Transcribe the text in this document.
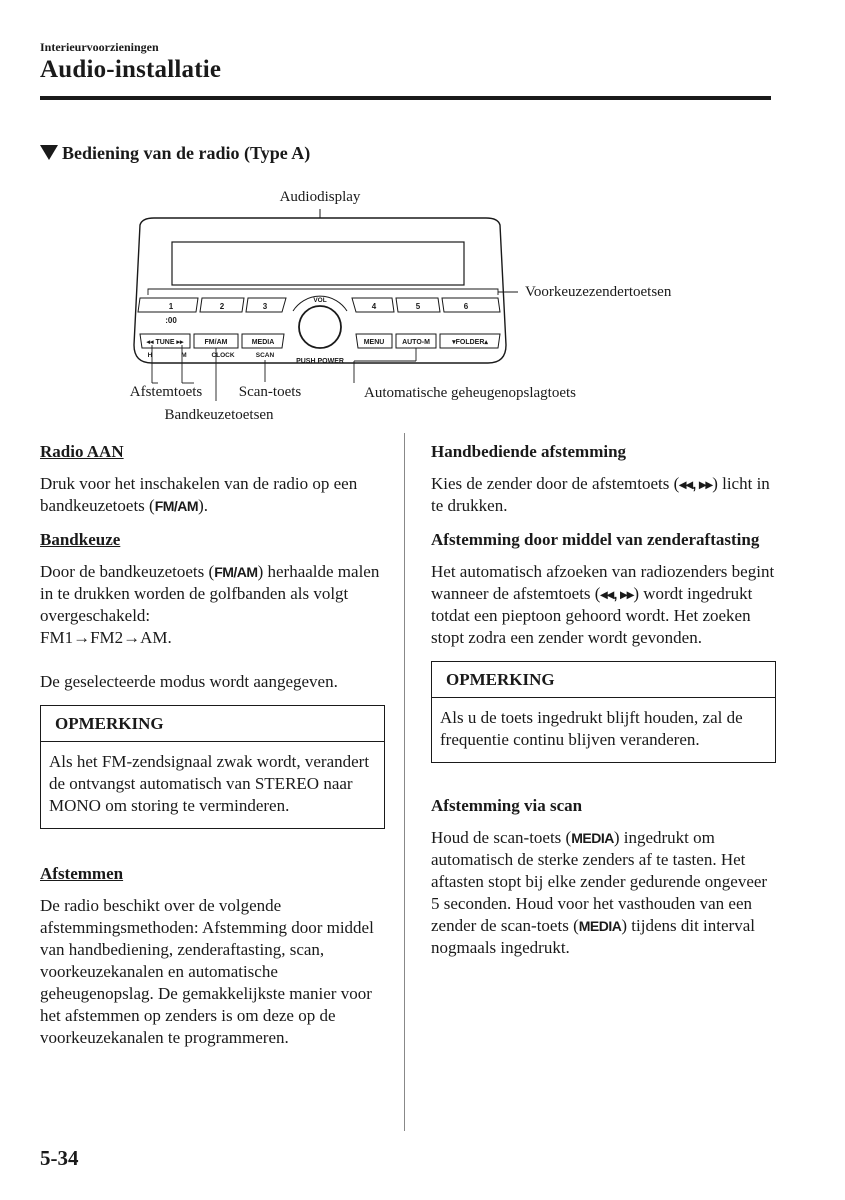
Interieurvoorzieningen
Audio-installatie
Bediening van de radio (Type A)
Audiodisplay
Voorkeuzezendertoetsen
1	2	3
:00
4	5	6
VOL
PUSH POWER
◂◂ TUNE ▸▸	FM/AM	MEDIA
H	M	CLOCK	SCAN
MENU	AUTO-M	▾FOLDER▴
Afstemtoets Scan-toets	Automatische geheugenopslagtoets
Bandkeuzetoetsen
Radio AAN

Druk voor het inschakelen van de radio op een bandkeuzetoets (FM/AM).

Bandkeuze

Door de bandkeuzetoets (FM/AM) herhaalde malen in te drukken worden de golfbanden als volgt overgeschakeld:

FM1→FM2→AM.

De geselecteerde modus wordt aangegeven.

OPMERKING
Als het FM-zendsignaal zwak wordt, verandert de ontvangst automatisch van STEREO naar MONO om storing te verminderen.
Afstemmen

De radio beschikt over de volgende afstemmingsmethoden: Afstemming door middel van handbediening, zenderaftasting, scan, voorkeuzekanalen en automatische geheugenopslag. De gemakkelijkste manier voor het afstemmen op zenders is om deze op de voorkeuzekanalen te programmeren.

Handbediende afstemming

Kies de zender door de afstemtoets (◂◂, ▸▸) licht in te drukken.

Afstemming door middel van zenderaftasting

Het automatisch afzoeken van radiozenders begint wanneer de afstemtoets (◂◂, ▸▸) wordt ingedrukt totdat een pieptoon gehoord wordt. Het zoeken stopt zodra een zender wordt gevonden.

OPMERKING
Als u de toets ingedrukt blijft houden, zal de frequentie continu blijven veranderen.
Afstemming via scan

Houd de scan-toets (MEDIA) ingedrukt om automatisch de sterke zenders af te tasten. Het aftasten stopt bij elke zender gedurende ongeveer 5 seconden. Houd voor het vasthouden van een zender de scan-toets (MEDIA) tijdens dit interval nogmaals ingedrukt.

5-34
